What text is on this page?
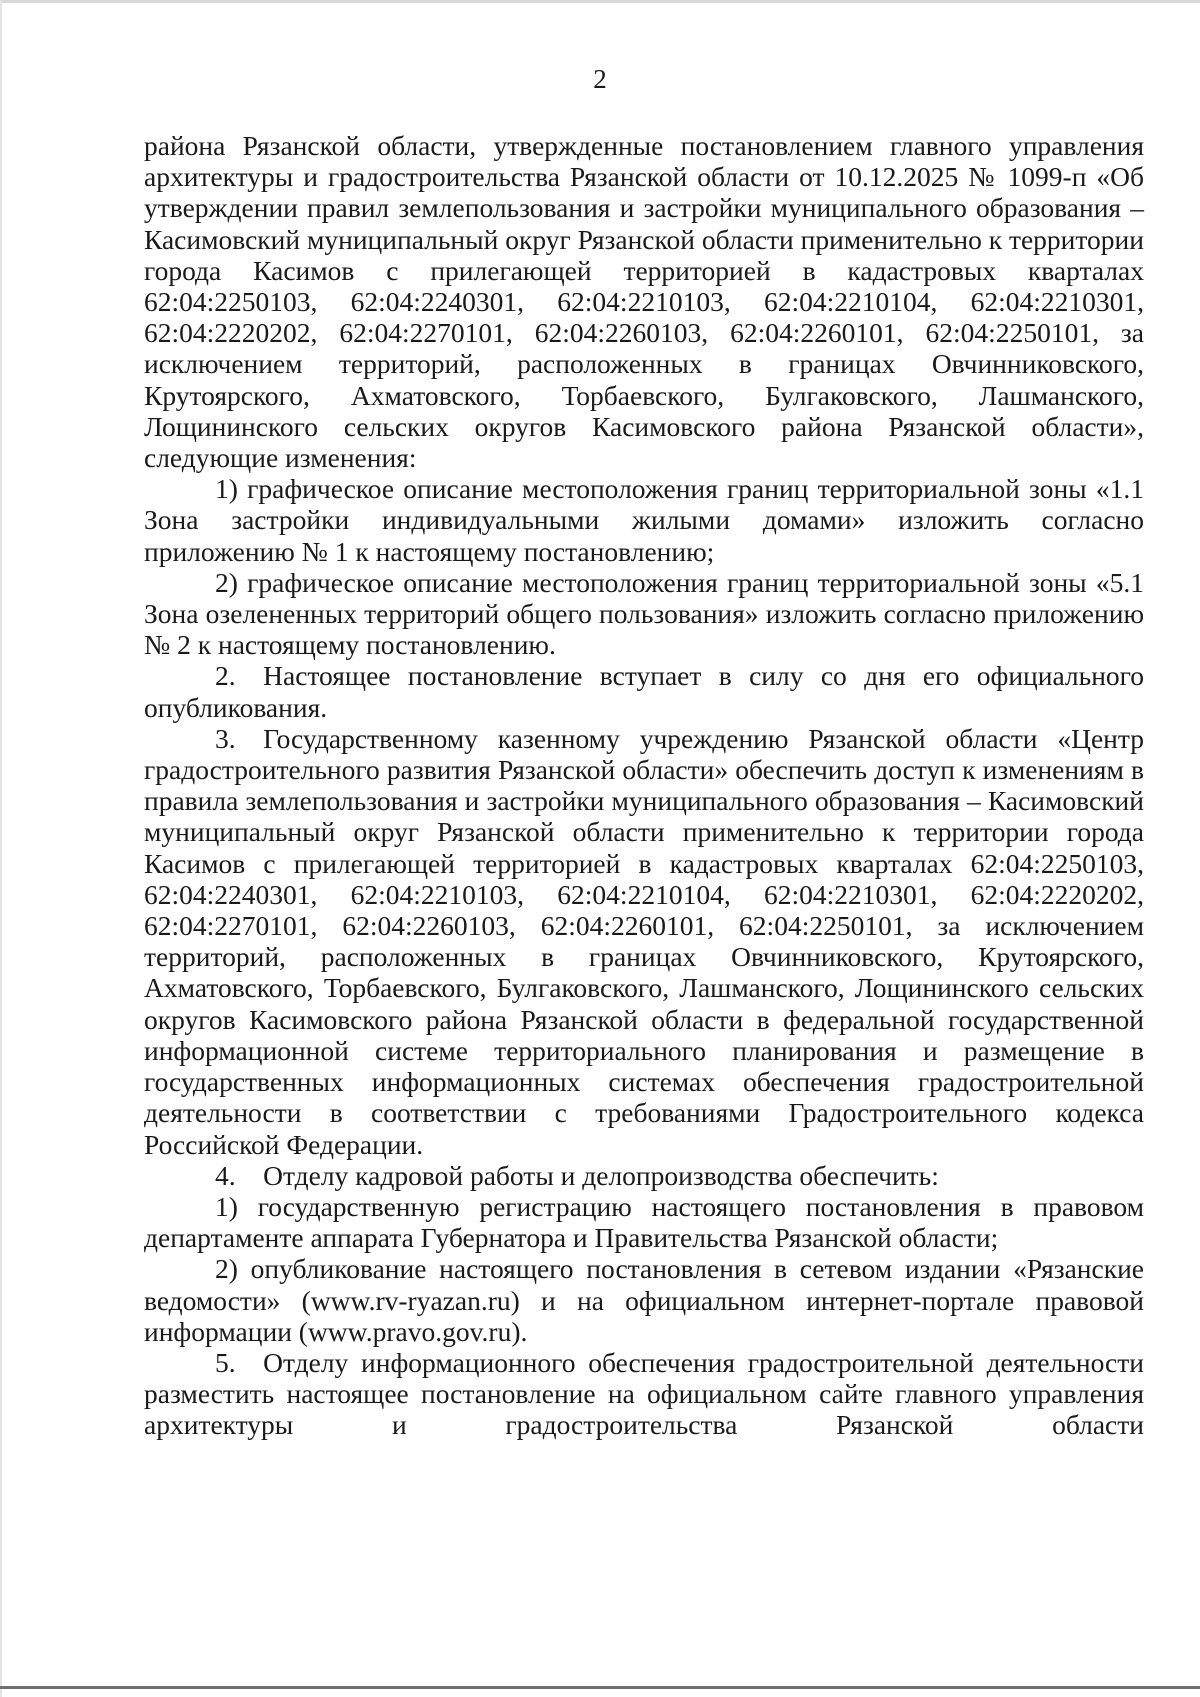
2

района Рязанской области, утвержденные постановлением главного управления архитектуры и градостроительства Рязанской области от 10.12.2025 № 1099-п «Об утверждении правил землепользования и застройки муниципального образования – Касимовский муниципальный округ Рязанской области применительно к территории города Касимов с прилегающей территорией в кадастровых кварталах 62:04:2250103, 62:04:2240301, 62:04:2210103, 62:04:2210104, 62:04:2210301, 62:04:2220202, 62:04:2270101, 62:04:2260103, 62:04:2260101, 62:04:2250101, за исключением территорий, расположенных в границах Овчинниковского, Крутоярского, Ахматовского, Торбаевского, Булгаковского, Лашманского, Лощининского сельских округов Касимовского района Рязанской области», следующие изменения:

1) графическое описание местоположения границ территориальной зоны «1.1 Зона застройки индивидуальными жилыми домами» изложить согласно приложению № 1 к настоящему постановлению;

2) графическое описание местоположения границ территориальной зоны «5.1 Зона озелененных территорий общего пользования» изложить согласно приложению № 2 к настоящему постановлению.

2. Настоящее постановление вступает в силу со дня его официального опубликования.

3. Государственному казенному учреждению Рязанской области «Центр градостроительного развития Рязанской области» обеспечить доступ к изменениям в правила землепользования и застройки муниципального образования – Касимовский муниципальный округ Рязанской области применительно к территории города Касимов с прилегающей территорией в кадастровых кварталах 62:04:2250103, 62:04:2240301, 62:04:2210103, 62:04:2210104, 62:04:2210301, 62:04:2220202, 62:04:2270101, 62:04:2260103, 62:04:2260101, 62:04:2250101, за исключением территорий, расположенных в границах Овчинниковского, Крутоярского, Ахматовского, Торбаевского, Булгаковского, Лашманского, Лощининского сельских округов Касимовского района Рязанской области в федеральной государственной информационной системе территориального планирования и размещение в государственных информационных системах обеспечения градостроительной деятельности в соответствии с требованиями Градостроительного кодекса Российской Федерации.

4. Отделу кадровой работы и делопроизводства обеспечить:

1) государственную регистрацию настоящего постановления в правовом департаменте аппарата Губернатора и Правительства Рязанской области;

2) опубликование настоящего постановления в сетевом издании «Рязанские ведомости» (www.rv-ryazan.ru) и на официальном интернет-портале правовой информации (www.pravo.gov.ru).

5. Отделу информационного обеспечения градостроительной деятельности разместить настоящее постановление на официальном сайте главного управления архитектуры и градостроительства Рязанской области
